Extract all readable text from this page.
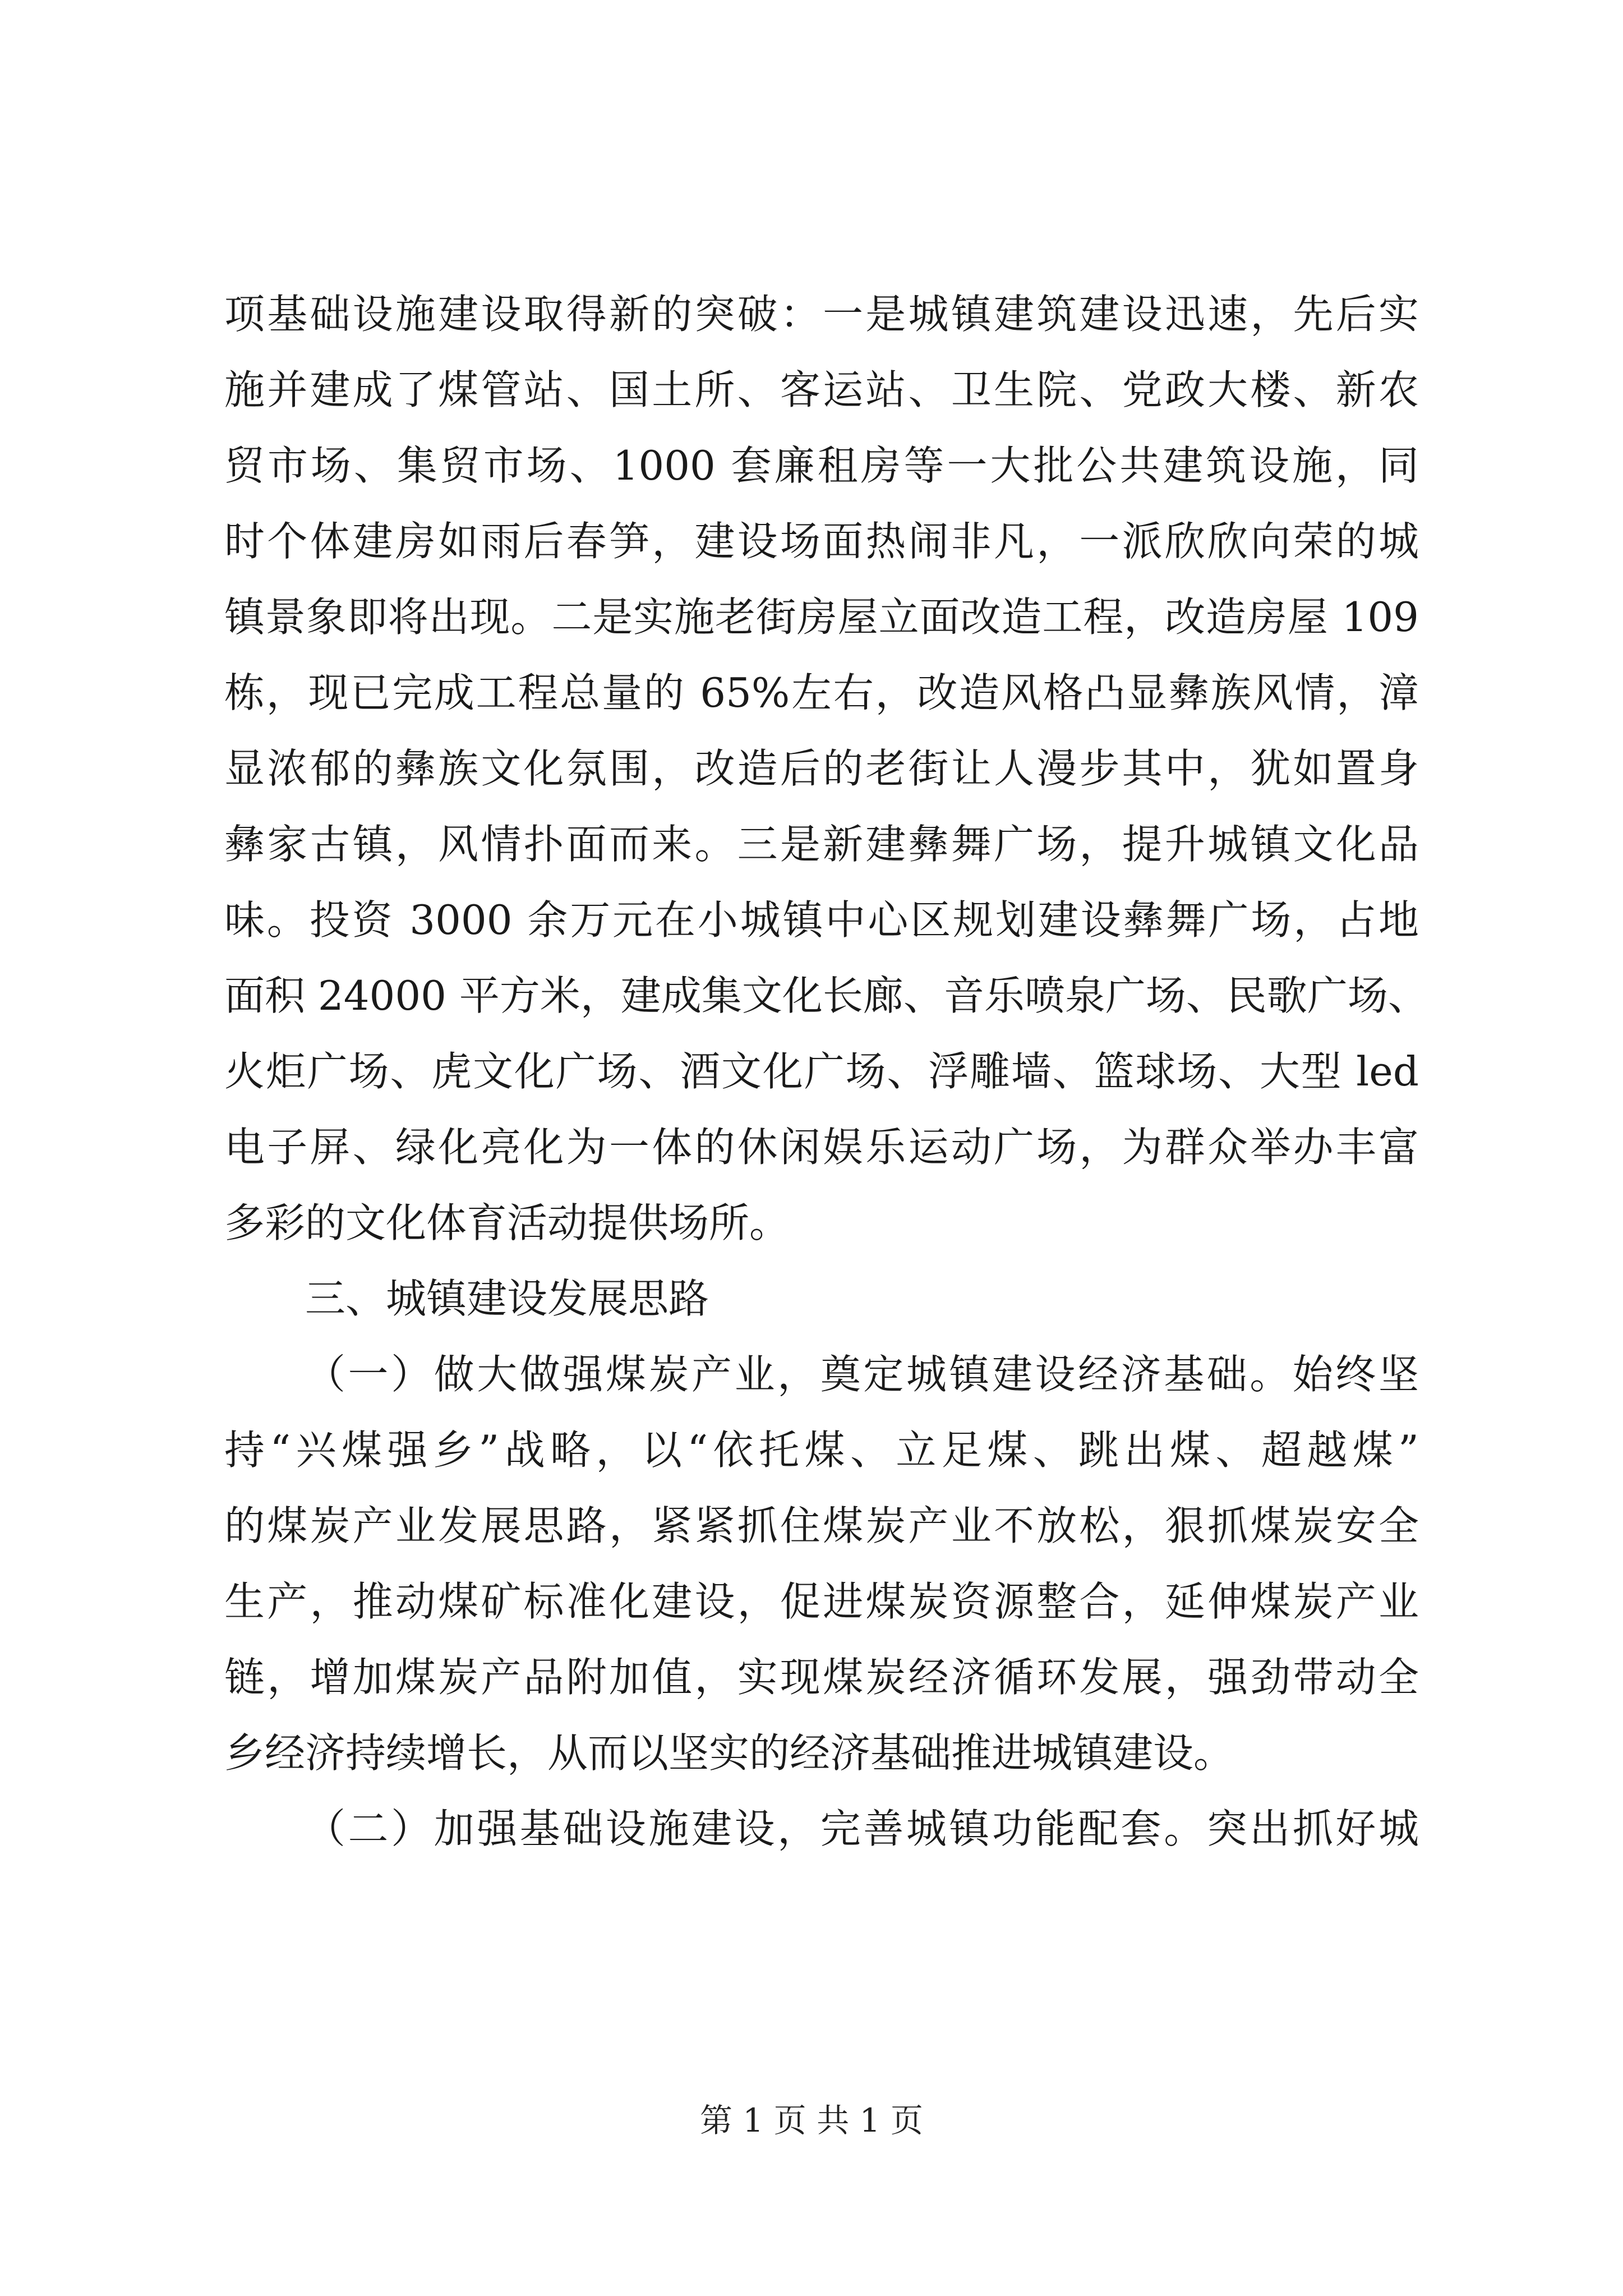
项基础设施建设取得新的突破：一是城镇建筑建设迅速，先后实
施并建成了煤管站、国土所、客运站、卫生院、党政大楼、新农
贸市场、集贸市场、1000 套廉租房等一大批公共建筑设施，同
时个体建房如雨后春笋，建设场面热闹非凡，一派欣欣向荣的城
镇景象即将出现。二是实施老街房屋立面改造工程，改造房屋 109
栋，现已完成工程总量的 65%左右，改造风格凸显彝族风情，漳
显浓郁的彝族文化氛围，改造后的老街让人漫步其中，犹如置身
彝家古镇，风情扑面而来。三是新建彝舞广场，提升城镇文化品
味。投资 3000 余万元在小城镇中心区规划建设彝舞广场，占地
面积 24000 平方米，建成集文化长廊、音乐喷泉广场、民歌广场、
火炬广场、虎文化广场、酒文化广场、浮雕墙、篮球场、大型 led
电子屏、绿化亮化为一体的休闲娱乐运动广场，为群众举办丰富
多彩的文化体育活动提供场所。
三、城镇建设发展思路
（一）做大做强煤炭产业，奠定城镇建设经济基础。始终坚
持“兴煤强乡”战略，以“依托煤、立足煤、跳出煤、超越煤”
的煤炭产业发展思路，紧紧抓住煤炭产业不放松，狠抓煤炭安全
生产，推动煤矿标准化建设，促进煤炭资源整合，延伸煤炭产业
链，增加煤炭产品附加值，实现煤炭经济循环发展，强劲带动全
乡经济持续增长，从而以坚实的经济基础推进城镇建设。
（二）加强基础设施建设，完善城镇功能配套。突出抓好城
第 1 页 共 1 页
